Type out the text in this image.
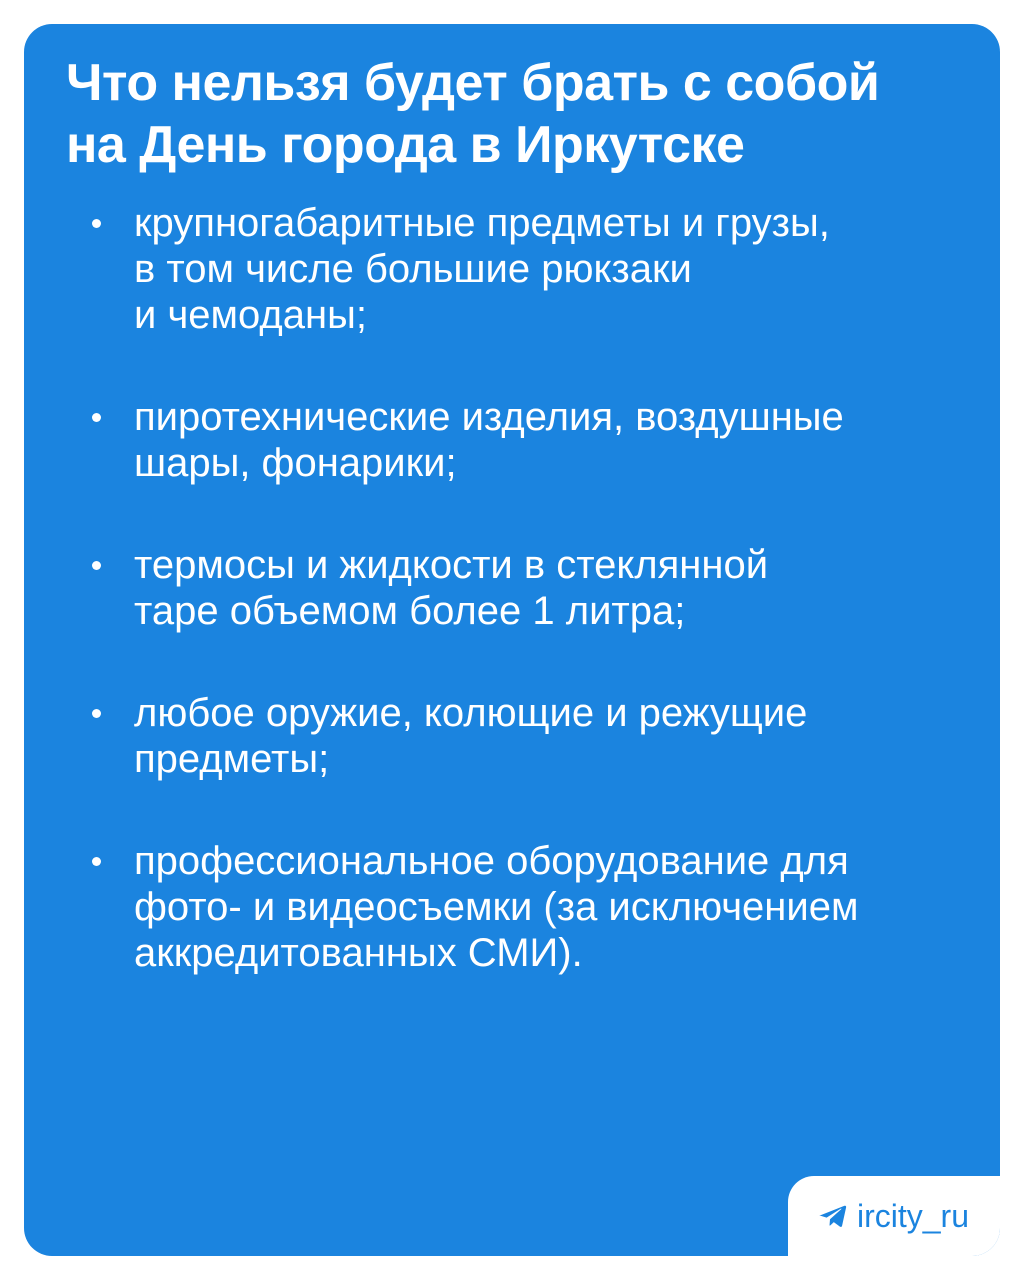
Что нельзя будет брать с собой
на День города в Иркутске
крупногабаритные предметы и грузы,
в том числе большие рюкзаки
и чемоданы;
пиротехнические изделия, воздушные
шары, фонарики;
термосы и жидкости в стеклянной
таре объемом более 1 литра;
любое оружие, колющие и режущие
предметы;
профессиональное оборудование для
фото- и видеосъемки (за исключением
аккредитованных СМИ).
ircity_ru
